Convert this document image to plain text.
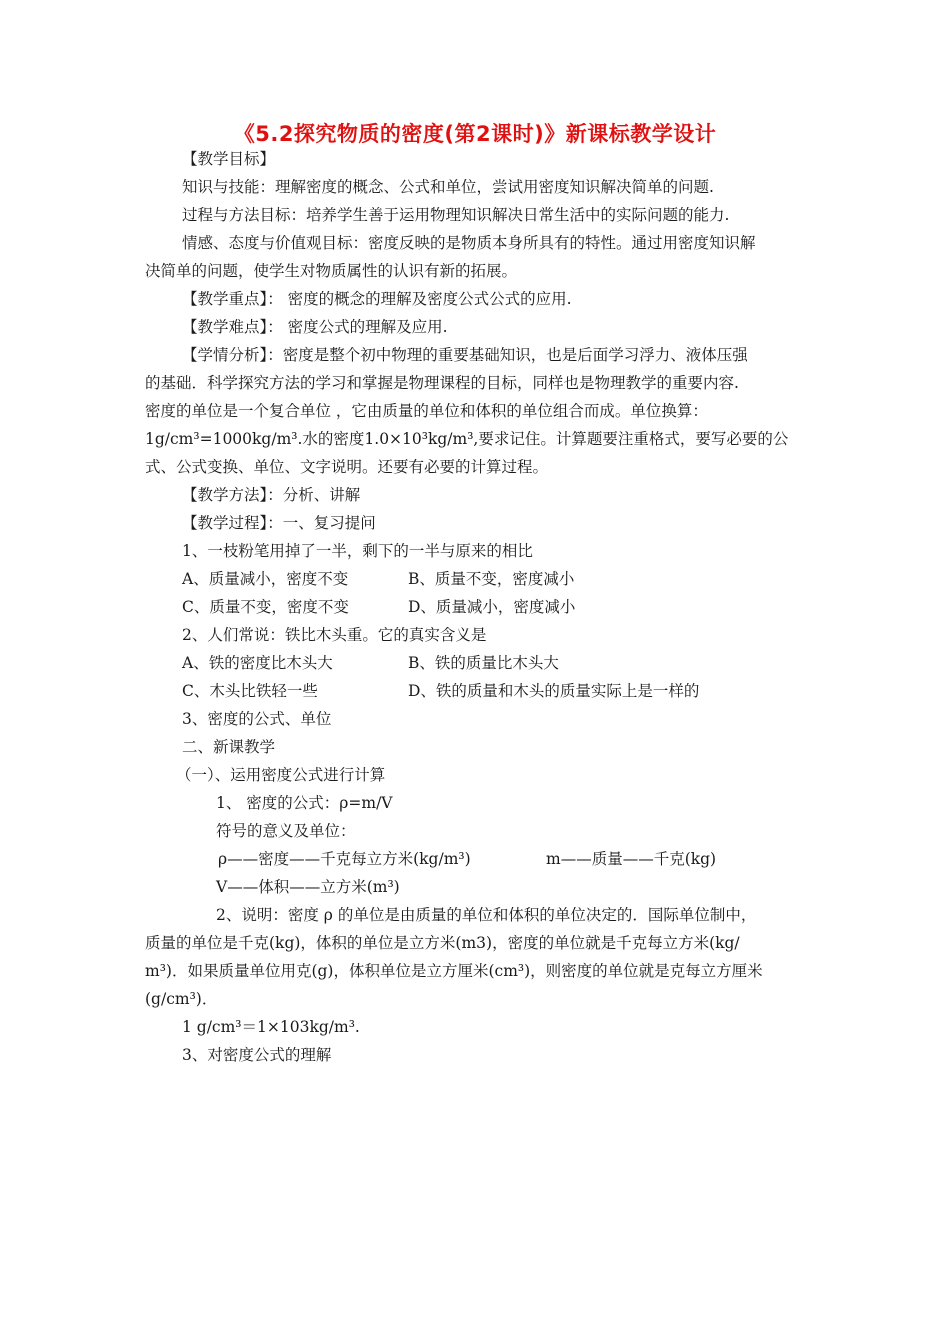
《5.2探究物质的密度(第2课时)》新课标教学设计
【教学目标】
知识与技能：理解密度的概念、公式和单位，尝试用密度知识解决简单的问题.
过程与方法目标：培养学生善于运用物理知识解决日常生活中的实际问题的能力.
情感、态度与价值观目标：密度反映的是物质本身所具有的特性。通过用密度知识解
决简单的问题，使学生对物质属性的认识有新的拓展。
【教学重点】： 密度的概念的理解及密度公式公式的应用.
【教学难点】： 密度公式的理解及应用.
【学情分析】：密度是整个初中物理的重要基础知识，也是后面学习浮力、液体压强
的基础．科学探究方法的学习和掌握是物理课程的目标，同样也是物理教学的重要内容.
密度的单位是一个复合单位 ，它由质量的单位和体积的单位组合而成。单位换算：
1g/cm³=1000kg/m³.水的密度1.0×10³kg/m³,要求记住。计算题要注重格式，要写必要的公
式、公式变换、单位、文字说明。还要有必要的计算过程。
【教学方法】：分析、讲解
【教学过程】：一、复习提问
1、一枝粉笔用掉了一半，剩下的一半与原来的相比
A、质量减小，密度不变	B、质量不变，密度减小
C、质量不变，密度不变	D、质量减小，密度减小
2、人们常说：铁比木头重。它的真实含义是
A、铁的密度比木头大	B、铁的质量比木头大
C、木头比铁轻一些	D、铁的质量和木头的质量实际上是一样的
3、密度的公式、单位
二、新课教学
（一）、运用密度公式进行计算
1、 密度的公式：ρ=m/V
符号的意义及单位：
ρ——密度——千克每立方米(kg/m³)	m——质量——千克(kg)
V——体积——立方米(m³)
2、说明：密度 ρ 的单位是由质量的单位和体积的单位决定的．国际单位制中，
质量的单位是千克(kg)，体积的单位是立方米(m3)，密度的单位就是千克每立方米(kg/
m³)．如果质量单位用克(g)，体积单位是立方厘米(cm³)，则密度的单位就是克每立方厘米
(g/cm³)．
1 g/cm³＝1×103kg/m³.
3、对密度公式的理解
